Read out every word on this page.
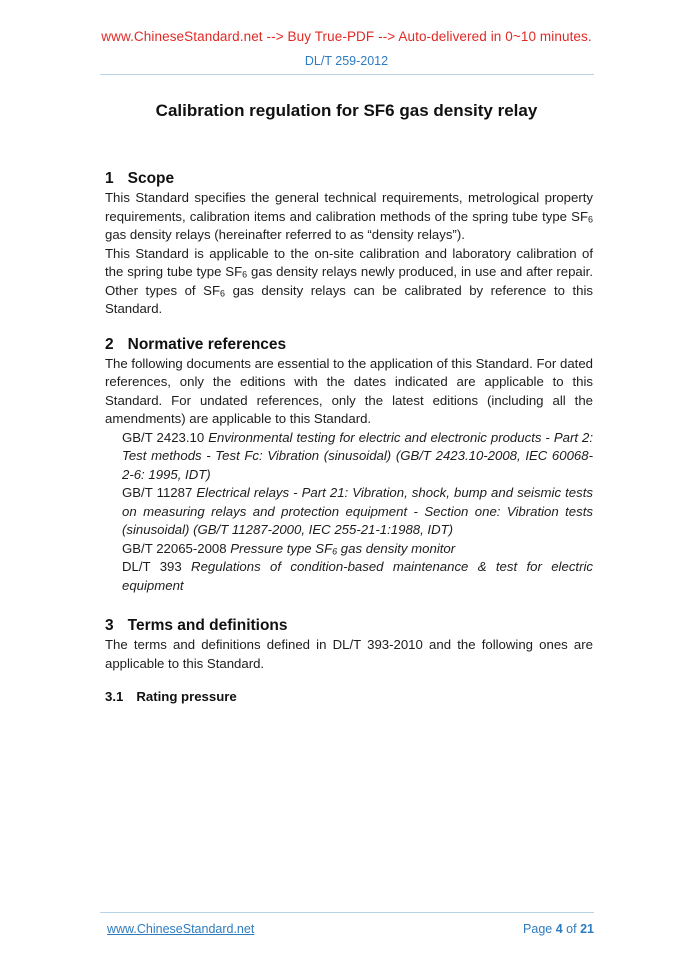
www.ChineseStandard.net --> Buy True-PDF --> Auto-delivered in 0~10 minutes.
DL/T 259-2012
Calibration regulation for SF6 gas density relay
1 Scope

This Standard specifies the general technical requirements, metrological property requirements, calibration items and calibration methods of the spring tube type $SF_6$ gas density relays (hereinafter referred to as “density relays”).

This Standard is applicable to the on-site calibration and laboratory calibration of the spring tube type $SF_6$ gas density relays newly produced, in use and after repair. Other types of $SF_6$ gas density relays can be calibrated by reference to this Standard.

2 Normative references

The following documents are essential to the application of this Standard. For dated references, only the editions with the dates indicated are applicable to this Standard. For undated references, only the latest editions (including all the amendments) are applicable to this Standard.

GB/T 2423.10 Environmental testing for electric and electronic products - Part 2: Test methods - Test Fc: Vibration (sinusoidal) (GB/T 2423.10-2008, IEC 60068-2-6: 1995, IDT)

GB/T 11287 Electrical relays - Part 21: Vibration, shock, bump and seismic tests on measuring relays and protection equipment - Section one: Vibration tests (sinusoidal) (GB/T 11287-2000, IEC 255-21-1:1988, IDT)

GB/T 22065-2008 Pressure type $SF_6$ gas density monitor

DL/T 393 Regulations of condition-based maintenance & test for electric equipment

3 Terms and definitions

The terms and definitions defined in DL/T 393-2010 and the following ones are applicable to this Standard.

3.1 Rating pressure
www.ChineseStandard.net	Page 4 of 21
